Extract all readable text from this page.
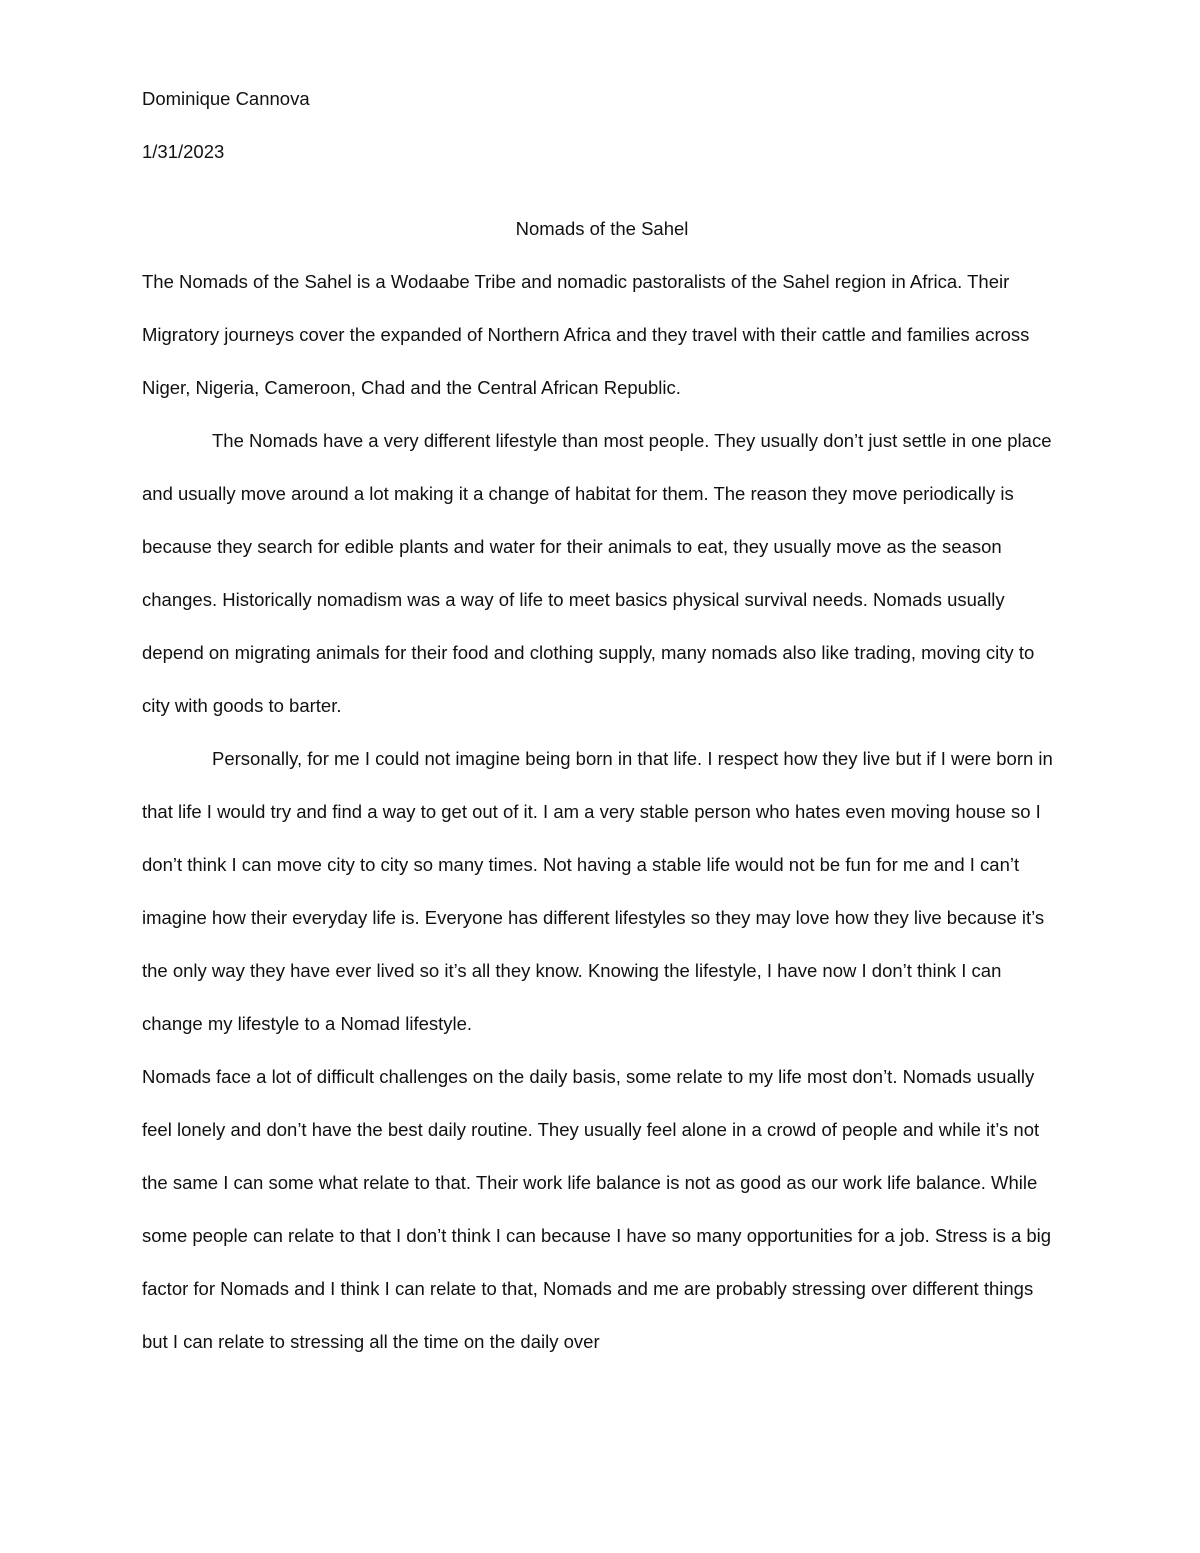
Dominique Cannova

1/31/2023

Nomads of the Sahel

The Nomads of the Sahel is a Wodaabe Tribe and nomadic pastoralists of the Sahel region in Africa. Their Migratory journeys cover the expanded of Northern Africa and they travel with their cattle and families across Niger, Nigeria, Cameroon, Chad and the Central African Republic.

The Nomads have a very different lifestyle than most people. They usually don’t just settle in one place and usually move around a lot making it a change of habitat for them. The reason they move periodically is because they search for edible plants and water for their animals to eat, they usually move as the season changes. Historically nomadism was a way of life to meet basics physical survival needs. Nomads usually depend on migrating animals for their food and clothing supply, many nomads also like trading, moving city to city with goods to barter.

Personally, for me I could not imagine being born in that life. I respect how they live but if I were born in that life I would try and find a way to get out of it. I am a very stable person who hates even moving house so I don’t think I can move city to city so many times. Not having a stable life would not be fun for me and I can’t imagine how their everyday life is. Everyone has different lifestyles so they may love how they live because it’s the only way they have ever lived so it’s all they know. Knowing the lifestyle, I have now I don’t think I can change my lifestyle to a Nomad lifestyle.

Nomads face a lot of difficult challenges on the daily basis, some relate to my life most don’t. Nomads usually feel lonely and don’t have the best daily routine. They usually feel alone in a crowd of people and while it’s not the same I can some what relate to that. Their work life balance is not as good as our work life balance. While some people can relate to that I don’t think I can because I have so many opportunities for a job. Stress is a big factor for Nomads and I think I can relate to that, Nomads and me are probably stressing over different things but I can relate to stressing all the time on the daily over
